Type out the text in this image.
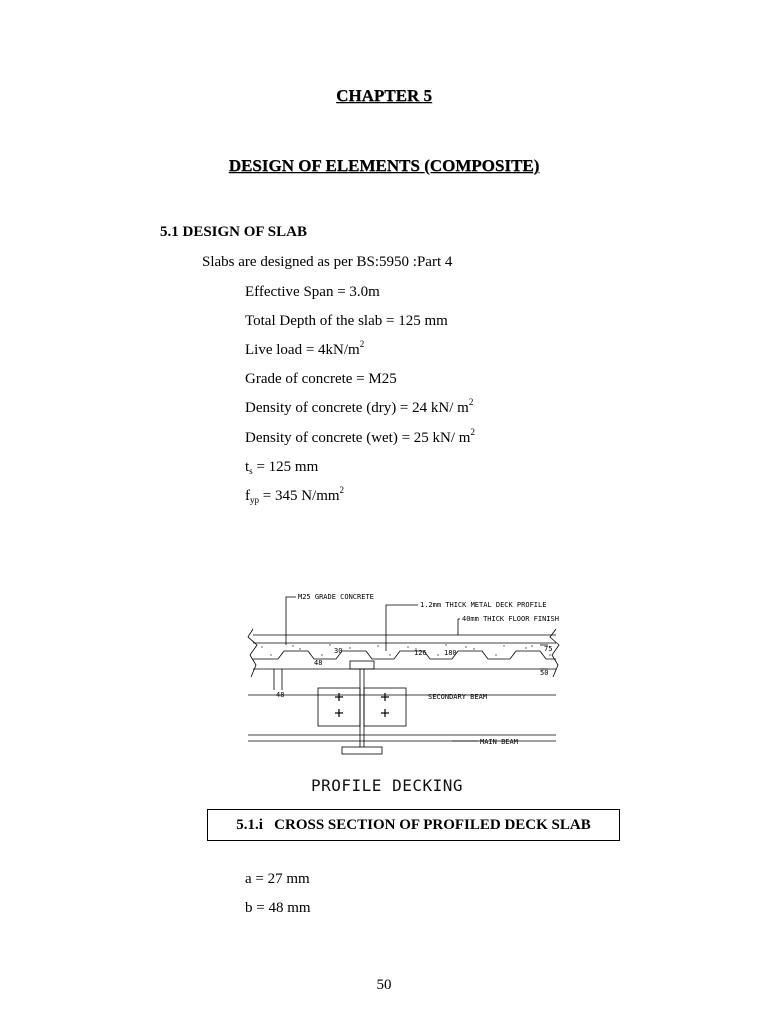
CHAPTER 5
DESIGN OF ELEMENTS (COMPOSITE)
5.1 DESIGN OF SLAB
Slabs are designed as per BS:5950 :Part 4
Effective Span = 3.0m
Total Depth of the slab = 125 mm
Live load = $4kN/m^2$
Grade of concrete = M25
Density of concrete (dry) = 24 kN/ $m^2$
Density of concrete (wet) = 25 kN/ $m^2$
$t_s = 125$ mm
$f_{yp} = 345$ $N/mm^2$
M25 GRADE CONCRETE
1.2mm THICK METAL DECK PROFILE
40mm THICK FLOOR FINISH
30
48
126 180	75
50
48	SECONDARY BEAM
MAIN BEAM
PROFILE DECKING
5.1.i   CROSS SECTION OF PROFILED DECK SLAB
a = 27 mm
b = 48 mm
50
